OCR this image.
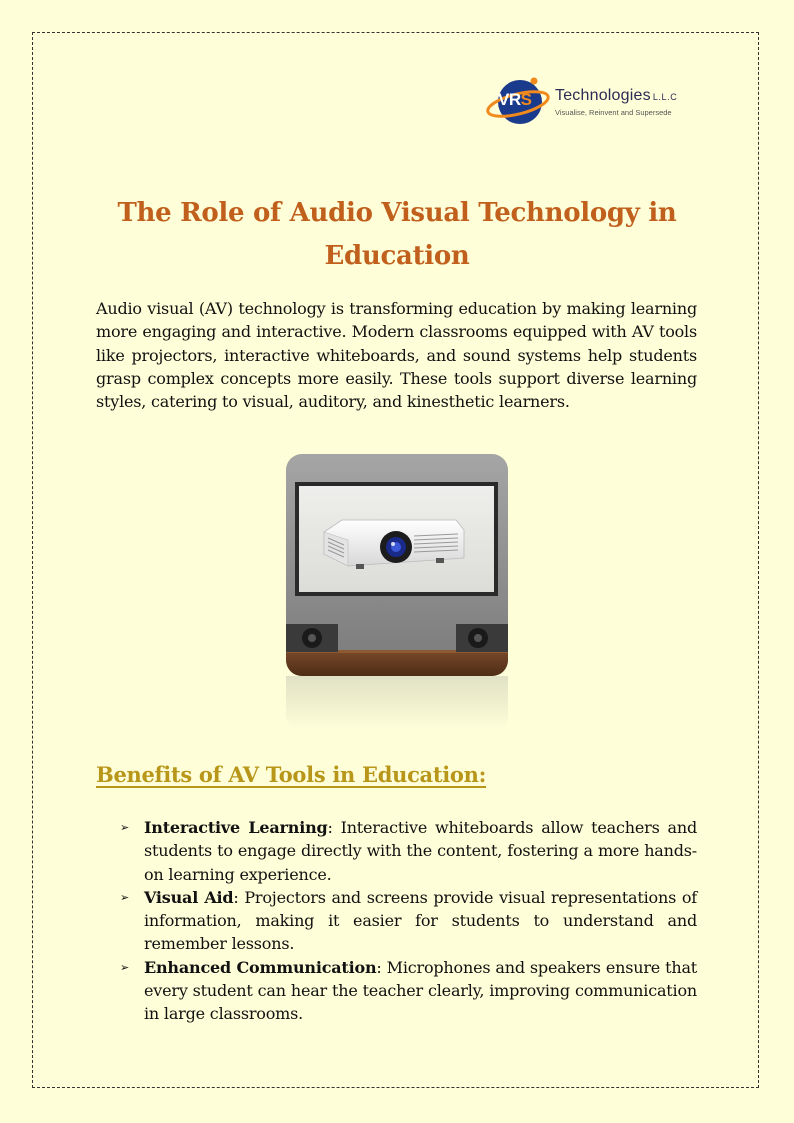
VRS Technologies L.L.C
Visualise, Reinvent and Supersede
The Role of Audio Visual Technology in Education

Audio visual (AV) technology is transforming education by making learning more engaging and interactive. Modern classrooms equipped with AV tools like projectors, interactive whiteboards, and sound systems help students grasp complex concepts more easily. These tools support diverse learning styles, catering to visual, auditory, and kinesthetic learners.

Benefits of AV Tools in Education:
➢ Interactive Learning: Interactive whiteboards allow teachers and students to engage directly with the content, fostering a more hands-on learning experience.
➢ Visual Aid: Projectors and screens provide visual representations of information, making it easier for students to understand and remember lessons.
➢ Enhanced Communication: Microphones and speakers ensure that every student can hear the teacher clearly, improving communication in large classrooms.
